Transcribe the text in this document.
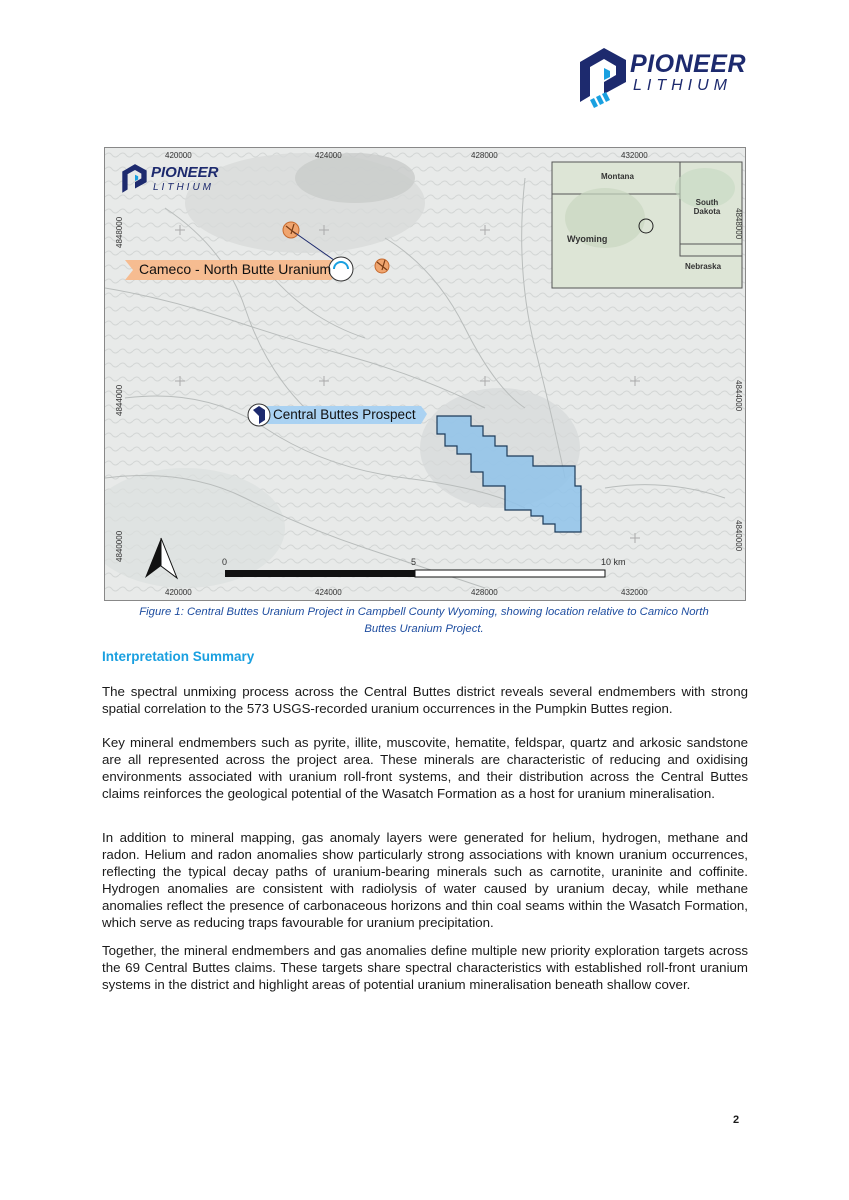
PIONEER
LITHIUM
PIONEER
LITHIUM
420000	424000	428000	432000
420000	424000	428000	432000
4848000
4844000
4840000
4848000
4844000
4840000
Cameco - North Butte Uranium
Central Buttes Prospect
Montana
South Dakota
Wyoming
Nebraska
0	5	10 km
Figure 1: Central Buttes Uranium Project in Campbell County Wyoming, showing location relative to Camico North
Buttes Uranium Project.
Interpretation Summary

The spectral unmixing process across the Central Buttes district reveals several endmembers with strong spatial correlation to the 573 USGS-recorded uranium occurrences in the Pumpkin Buttes region.

Key mineral endmembers such as pyrite, illite, muscovite, hematite, feldspar, quartz and arkosic sandstone are all represented across the project area. These minerals are characteristic of reducing and oxidising environments associated with uranium roll-front systems, and their distribution across the Central Buttes claims reinforces the geological potential of the Wasatch Formation as a host for uranium mineralisation.

In addition to mineral mapping, gas anomaly layers were generated for helium, hydrogen, methane and radon. Helium and radon anomalies show particularly strong associations with known uranium occurrences, reflecting the typical decay paths of uranium-bearing minerals such as carnotite, uraninite and coffinite. Hydrogen anomalies are consistent with radiolysis of water caused by uranium decay, while methane anomalies reflect the presence of carbonaceous horizons and thin coal seams within the Wasatch Formation, which serve as reducing traps favourable for uranium precipitation.

Together, the mineral endmembers and gas anomalies define multiple new priority exploration targets across the 69 Central Buttes claims. These targets share spectral characteristics with established roll-front uranium systems in the district and highlight areas of potential uranium mineralisation beneath shallow cover.

2
